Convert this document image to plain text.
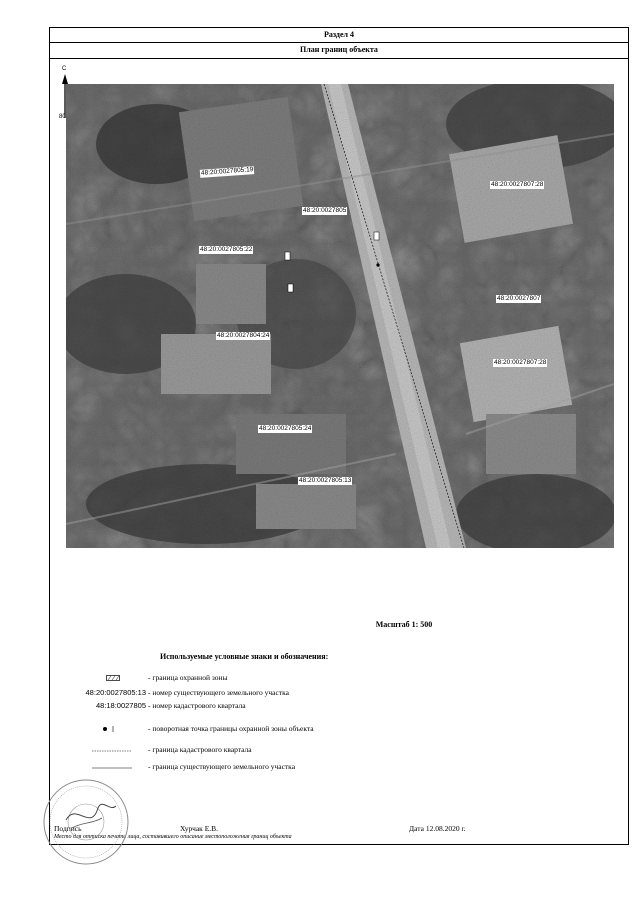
Раздел 4
План границ объекта
С
80
48:20:0027805:19
48:20:0027805
48:20:0027805:22
48:20:0027804:24
48:20:0027805:24
48:20:0027805:13
48:20:0027807:28
48:20:0027807
48:20:0027807:28
Масштаб 1: 500
Используемые условные знаки и обозначения:
- граница охранной зоны
48:20:0027805:13 - номер существующего земельного участка
48:18:0027805 - номер кадастрового квартала
- поворотная точка границы охранной зоны объекта
- граница кадастрового квартала
- граница существующего земельного участка
Подпись	Хурчак Е.В.	Дата 12.08.2020 г.
Место для оттиска печати лица, составившего описание местоположения границ объекта
